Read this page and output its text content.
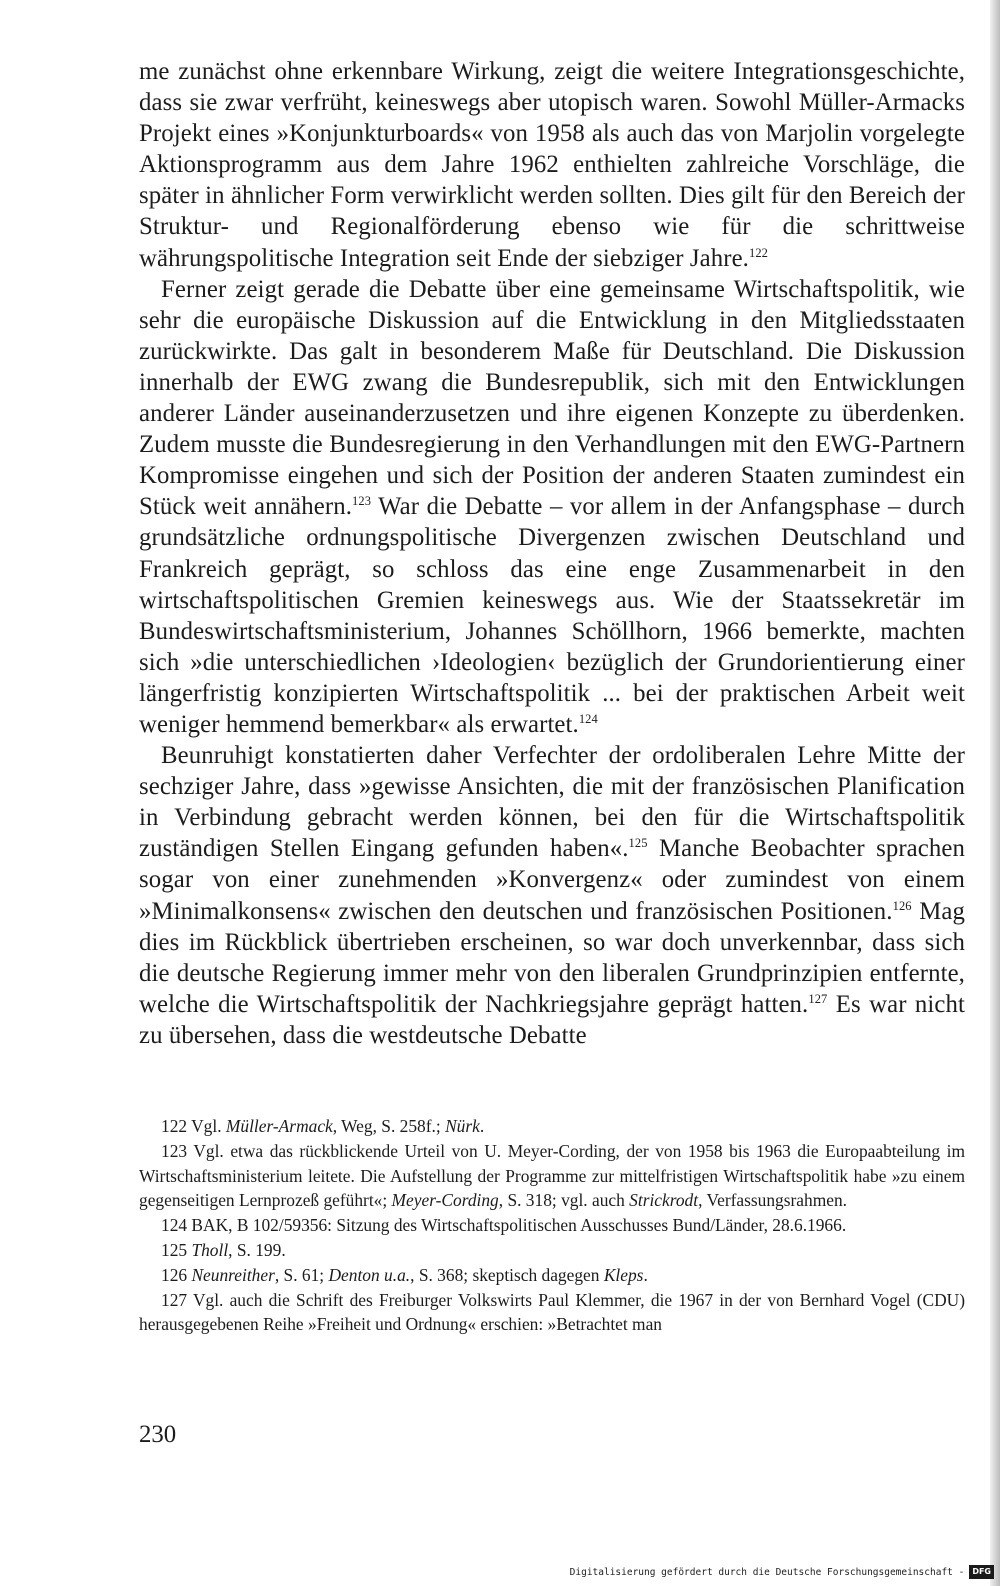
me zunächst ohne erkennbare Wirkung, zeigt die weitere Integrationsgeschichte, dass sie zwar verfrüht, keineswegs aber utopisch waren. Sowohl Müller-Armacks Projekt eines »Konjunkturboards« von 1958 als auch das von Marjolin vorgelegte Aktionsprogramm aus dem Jahre 1962 enthielten zahlreiche Vorschläge, die später in ähnlicher Form verwirklicht werden sollten. Dies gilt für den Bereich der Struktur- und Regionalförderung ebenso wie für die schrittweise währungspolitische Integration seit Ende der siebziger Jahre.$^{122}$

Ferner zeigt gerade die Debatte über eine gemeinsame Wirtschaftspolitik, wie sehr die europäische Diskussion auf die Entwicklung in den Mitgliedsstaaten zurückwirkte. Das galt in besonderem Maße für Deutschland. Die Diskussion innerhalb der EWG zwang die Bundesrepublik, sich mit den Entwicklungen anderer Länder auseinanderzusetzen und ihre eigenen Konzepte zu überdenken. Zudem musste die Bundesregierung in den Verhandlungen mit den EWG-Partnern Kompromisse eingehen und sich der Position der anderen Staaten zumindest ein Stück weit annähern.$^{123}$ War die Debatte – vor allem in der Anfangsphase – durch grundsätzliche ordnungspolitische Divergenzen zwischen Deutschland und Frankreich geprägt, so schloss das eine enge Zusammenarbeit in den wirtschaftspolitischen Gremien keineswegs aus. Wie der Staatssekretär im Bundeswirtschaftsministerium, Johannes Schöllhorn, 1966 bemerkte, machten sich »die unterschiedlichen ›Ideologien‹ bezüglich der Grundorientierung einer längerfristig konzipierten Wirtschaftspolitik ... bei der praktischen Arbeit weit weniger hemmend bemerkbar« als erwartet.$^{124}$

Beunruhigt konstatierten daher Verfechter der ordoliberalen Lehre Mitte der sechziger Jahre, dass »gewisse Ansichten, die mit der französischen Planification in Verbindung gebracht werden können, bei den für die Wirtschaftspolitik zuständigen Stellen Eingang gefunden haben«.$^{125}$ Manche Beobachter sprachen sogar von einer zunehmenden »Konvergenz« oder zumindest von einem »Minimalkonsens« zwischen den deutschen und französischen Positionen.$^{126}$ Mag dies im Rückblick übertrieben erscheinen, so war doch unverkennbar, dass sich die deutsche Regierung immer mehr von den liberalen Grundprinzipien entfernte, welche die Wirtschaftspolitik der Nachkriegsjahre geprägt hatten.$^{127}$ Es war nicht zu übersehen, dass die westdeutsche Debatte

122 Vgl. Müller-Armack, Weg, S. 258f.; Nürk.

123 Vgl. etwa das rückblickende Urteil von U. Meyer-Cording, der von 1958 bis 1963 die Europaabteilung im Wirtschaftsministerium leitete. Die Aufstellung der Programme zur mittelfristigen Wirtschaftspolitik habe »zu einem gegenseitigen Lernprozeß geführt«; Meyer-Cording, S. 318; vgl. auch Strickrodt, Verfassungsrahmen.

124 BAK, B 102/59356: Sitzung des Wirtschaftspolitischen Ausschusses Bund/Länder, 28.6.1966.

125 Tholl, S. 199.

126 Neunreither, S. 61; Denton u.a., S. 368; skeptisch dagegen Kleps.

127 Vgl. auch die Schrift des Freiburger Volkswirts Paul Klemmer, die 1967 in der von Bernhard Vogel (CDU) herausgegebenen Reihe »Freiheit und Ordnung« erschien: »Betrachtet man

230
Digitalisierung gefördert durch die Deutsche Forschungsgemeinschaft -	DFG
